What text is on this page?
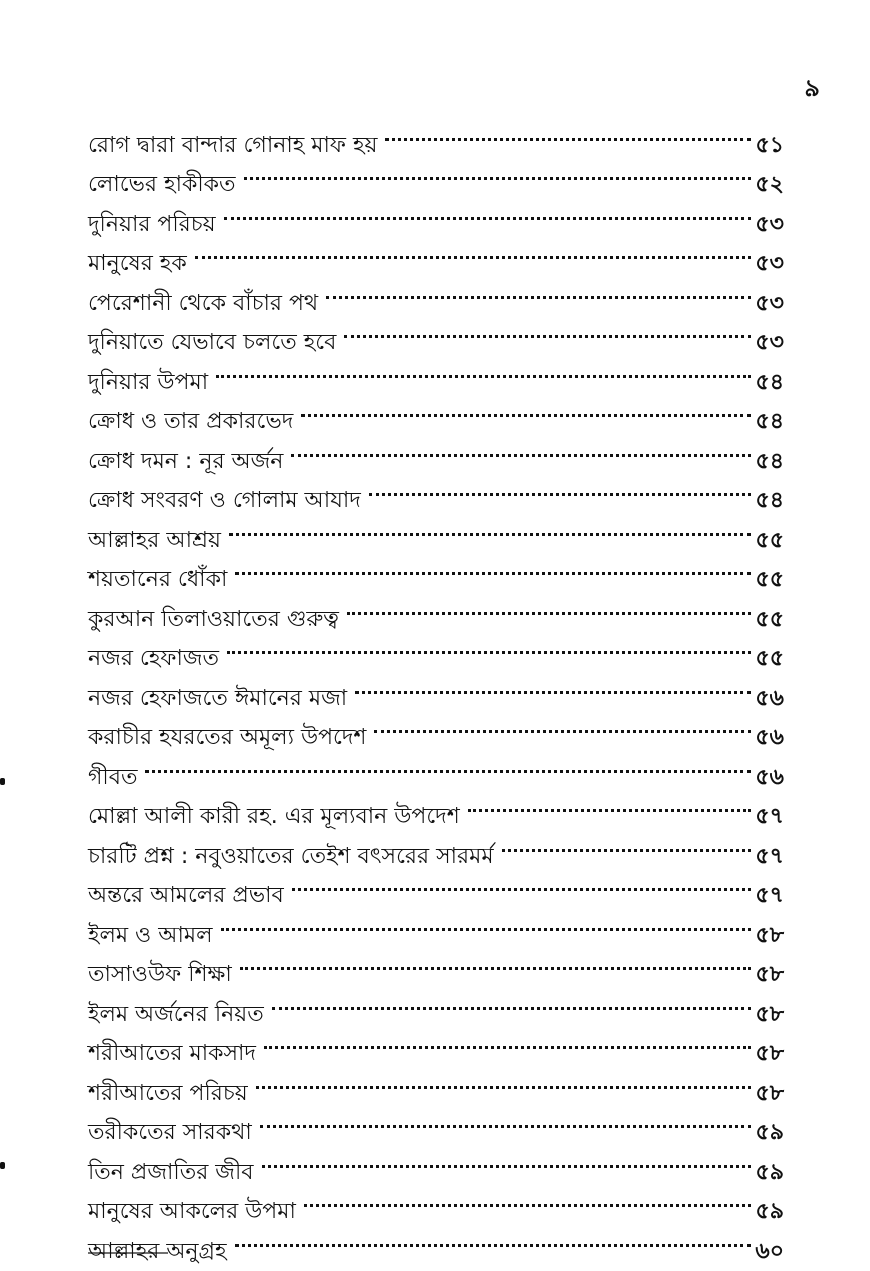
৯
রোগ দ্বারা বান্দার গোনাহ মাফ হয়	৫১
লোভের হাকীকত	৫২
দুনিয়ার পরিচয়	৫৩
মানুষের হক	৫৩
পেরেশানী থেকে বাঁচার পথ	৫৩
দুনিয়াতে যেভাবে চলতে হবে	৫৩
দুনিয়ার উপমা	৫৪
ক্রোধ ও তার প্রকারভেদ	৫৪
ক্রোধ দমন : নূর অর্জন	৫৪
ক্রোধ সংবরণ ও গোলাম আযাদ	৫৪
আল্লাহর আশ্রয়	৫৫
শয়তানের ধোঁকা	৫৫
কুরআন তিলাওয়াতের গুরুত্ব	৫৫
নজর হেফাজত	৫৫
নজর হেফাজতে ঈমানের মজা	৫৬
করাচীর হযরতের অমূল্য উপদেশ	৫৬
গীবত	৫৬
মোল্লা আলী কারী রহ. এর মূল্যবান উপদেশ	৫৭
চারটি প্রশ্ন : নবুওয়াতের তেইশ বৎসরের সারমর্ম	৫৭
অন্তরে আমলের প্রভাব	৫৭
ইলম ও আমল	৫৮
তাসাওউফ শিক্ষা	৫৮
ইলম অর্জনের নিয়ত	৫৮
শরীআতের মাকসাদ	৫৮
শরীআতের পরিচয়	৫৮
তরীকতের সারকথা	৫৯
তিন প্রজাতির জীব	৫৯
মানুষের আকলের উপমা	৫৯
আল্লাহর অনুগ্রহ	৬০
